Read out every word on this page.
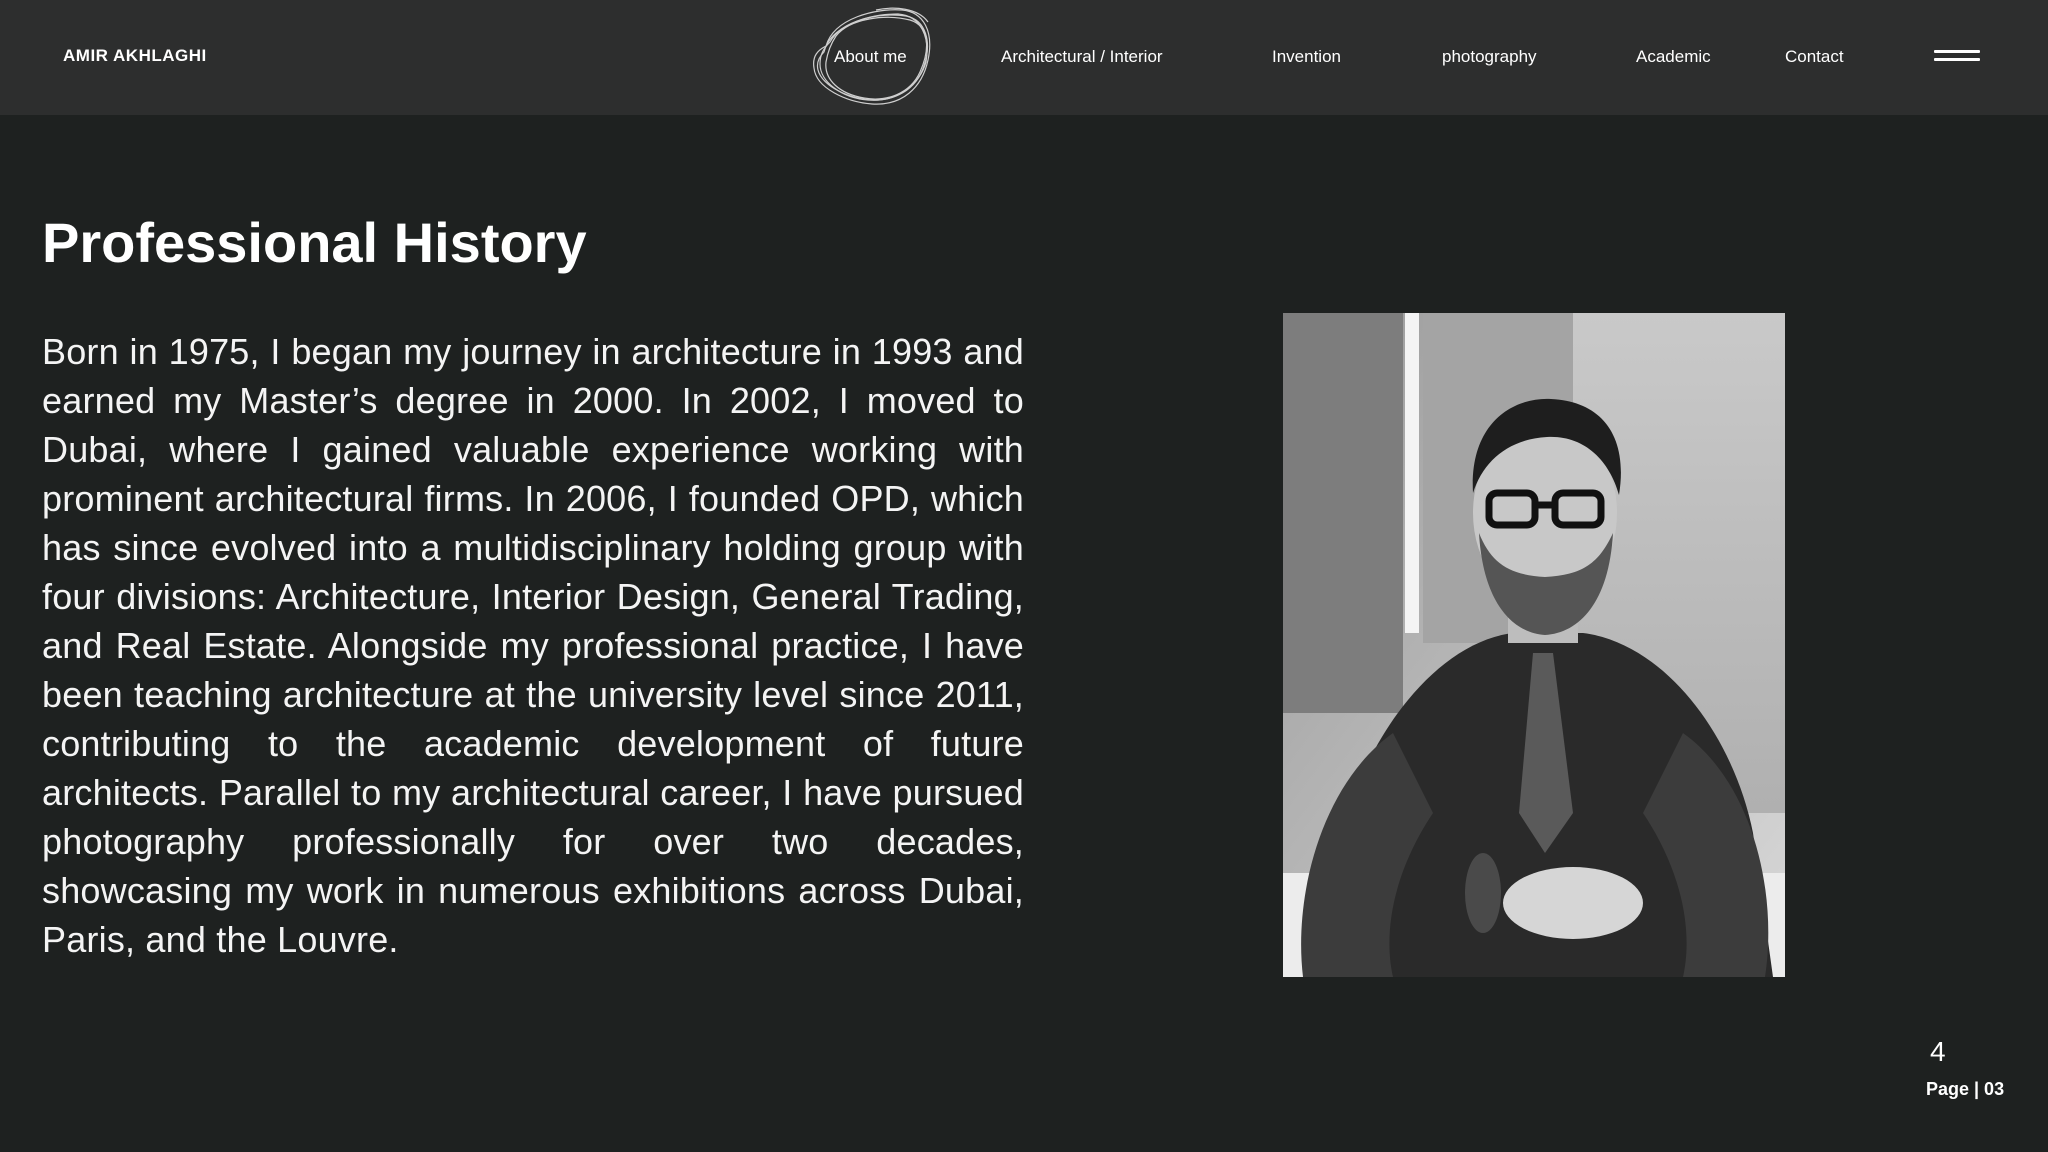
AMIR AKHLAGHI	About me	Architectural / Interior	Invention	photography	Academic	Contact
Professional History

Born in 1975, I began my journey in architecture in 1993 and earned my Master’s degree in 2000. In 2002, I moved to Dubai, where I gained valuable experience working with prominent architectural firms. In 2006, I founded OPD, which has since evolved into a multidisciplinary holding group with four divisions: Architecture, Interior Design, General Trading, and Real Estate. Alongside my professional practice, I have been teaching architecture at the university level since 2011, contributing to the academic development of future architects. Parallel to my architectural career, I have pursued photography professionally for over two decades, showcasing my work in numerous exhibitions across Dubai, Paris, and the Louvre.

4
Page | 03
